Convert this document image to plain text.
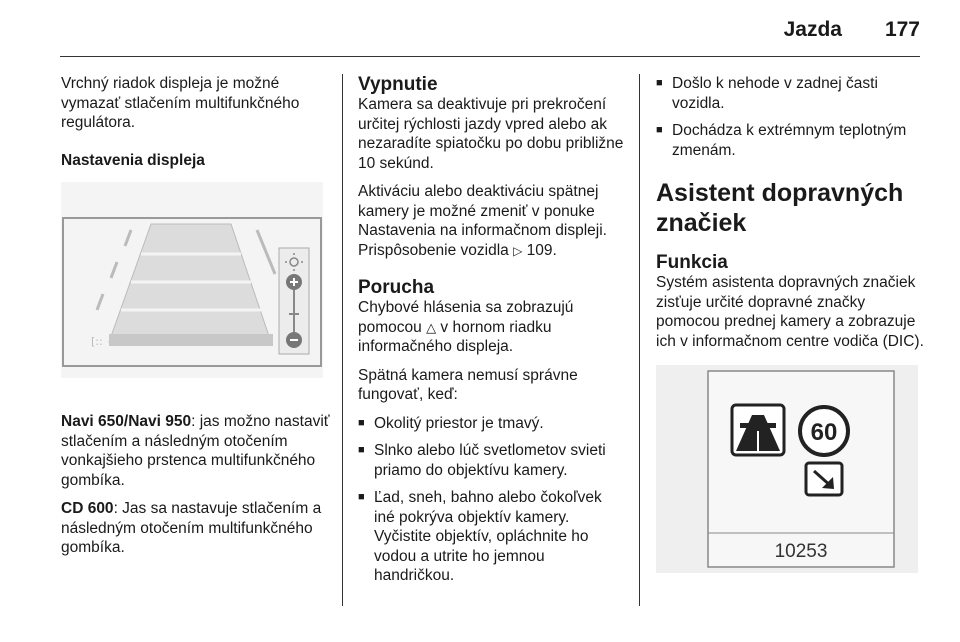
Jazda 177

Vrchný riadok displeja je možné vymazať stlačením multifunkčného regulátora.

Nastavenia displeja

[::

Navi 650/Navi 950: jas možno nastaviť stlačením a následným otočením vonkajšieho prstenca multifunkčného gombíka.

CD 600: Jas sa nastavuje stlačením a následným otočením multifunkčného gombíka.

Vypnutie

Kamera sa deaktivuje pri prekročení určitej rýchlosti jazdy vpred alebo ak nezaradíte spiatočku po dobu približne 10 sekúnd.

Aktiváciu alebo deaktiváciu spätnej kamery je možné zmeniť v ponuke Nastavenia na informačnom displeji. Prispôsobenie vozidla ▷ 109.

Porucha

Chybové hlásenia sa zobrazujú pomocou △ v hornom riadku informačného displeja.

Spätná kamera nemusí správne fungovať, keď:

■ Okolitý priestor je tmavý.
■ Slnko alebo lúč svetlometov svieti priamo do objektívu kamery.
■ Ľad, sneh, bahno alebo čokoľvek iné pokrýva objektív kamery. Vyčistite objektív, opláchnite ho vodou a utrite ho jemnou handričkou.
■ Došlo k nehode v zadnej časti vozidla.
■ Dochádza k extrémnym teplotným zmenám.
Asistent dopravných značiek
Funkcia

Systém asistenta dopravných značiek zisťuje určité dopravné značky pomocou prednej kamery a zobrazuje ich v informačnom centre vodiča (DIC).

60
10253
